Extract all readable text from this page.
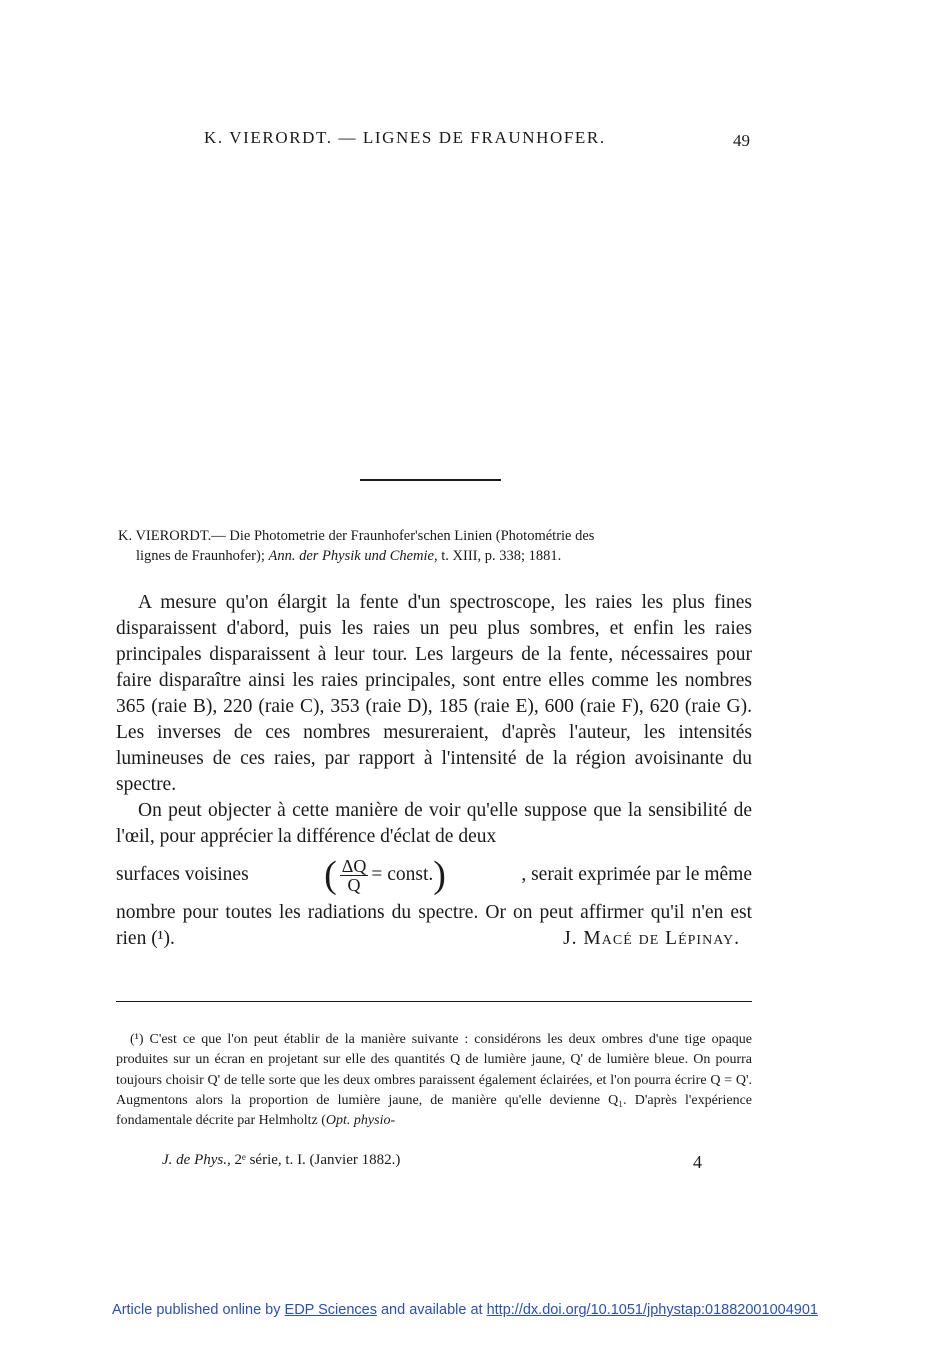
K. VIERORDT. — LIGNES DE FRAUNHOFER.	49
K. VIERORDT.— Die Photometrie der Fraunhofer'schen Linien (Photométrie des
lignes de Fraunhofer); Ann. der Physik und Chemie, t. XIII, p. 338; 1881.

A mesure qu'on élargit la fente d'un spectroscope, les raies les plus fines disparaissent d'abord, puis les raies un peu plus sombres, et enfin les raies principales disparaissent à leur tour. Les largeurs de la fente, nécessaires pour faire disparaître ainsi les raies principales, sont entre elles comme les nombres 365 (raie B), 220 (raie C), 353 (raie D), 185 (raie E), 600 (raie F), 620 (raie G). Les inverses de ces nombres mesureraient, d'après l'auteur, les intensités lumineuses de ces raies, par rapport à l'intensité de la région avoisinante du spectre.

On peut objecter à cette manière de voir qu'elle suppose que la sensibilité de l'œil, pour apprécier la différence d'éclat de deux

surfaces voisines ( $\frac{\Delta Q}{Q}$ = const. )	, serait exprimée par le même

nombre pour toutes les radiations du spectre. Or on peut affirmer qu'il n'en est rien (¹).	J. Macé de Lépinay.

(¹) C'est ce que l'on peut établir de la manière suivante : considérons les deux ombres d'une tige opaque produites sur un écran en projetant sur elle des quantités Q de lumière jaune, Q' de lumière bleue. On pourra toujours choisir Q' de telle sorte que les deux ombres paraissent également éclairées, et l'on pourra écrire Q = Q'. Augmentons alors la proportion de lumière jaune, de manière qu'elle devienne Q₁. D'après l'expérience fondamentale décrite par Helmholtz (Opt. physio-

J. de Phys., 2ᵉ série, t. I. (Janvier 1882.)	4
Article published online by EDP Sciences and available at http://dx.doi.org/10.1051/jphystap:01882001004901
